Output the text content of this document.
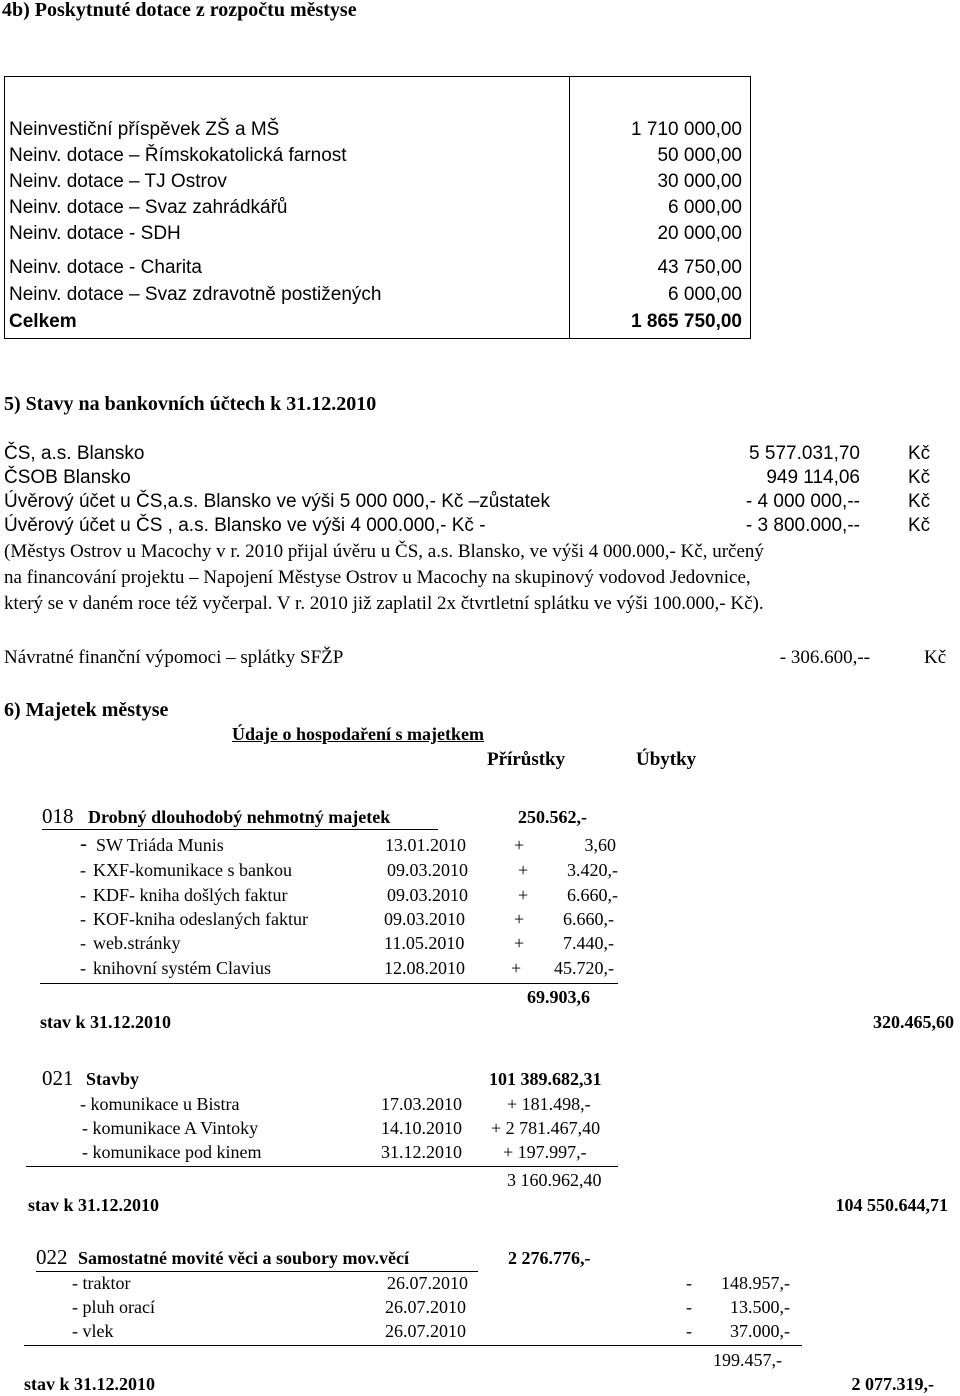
4b) Poskytnuté dotace z rozpočtu městyse
Neinvestiční příspěvek ZŠ a MŠ	1 710 000,00
Neinv. dotace – Římskokatolická farnost	50 000,00
Neinv. dotace – TJ Ostrov	30 000,00
Neinv. dotace – Svaz zahrádkářů	6 000,00
Neinv. dotace - SDH	20 000,00
Neinv. dotace - Charita	43 750,00
Neinv. dotace – Svaz zdravotně postižených	6 000,00
Celkem	1 865 750,00
5) Stavy na bankovních účtech k 31.12.2010
ČS, a.s. Blansko	5 577.031,70	Kč
ČSOB Blansko	949 114,06	Kč
Úvěrový účet u ČS,a.s. Blansko ve výši 5 000 000,- Kč –zůstatek	- 4 000 000,--	Kč
Úvěrový účet u ČS , a.s. Blansko ve výši 4 000.000,- Kč -	- 3 800.000,--	Kč
(Městys Ostrov u Macochy v r. 2010 přijal úvěru u ČS, a.s. Blansko, ve výši 4 000.000,- Kč, určený
na financování projektu – Napojení Městyse Ostrov u Macochy na skupinový vodovod Jedovnice,
který se v daném roce též vyčerpal. V r. 2010 již zaplatil 2x čtvrtletní splátku ve výši 100.000,- Kč).
Návratné finanční výpomoci – splátky SFŽP	- 306.600,--	Kč
6) Majetek městyse
Údaje o hospodaření s majetkem
Přírůstky	Úbytky
018 Drobný dlouhodobý nehmotný majetek	250.562,-
- SW Triáda Munis	13.01.2010	+	3,60
- KXF-komunikace s bankou	09.03.2010	+ 3.420,-
- KDF- kniha došlých faktur	09.03.2010	+ 6.660,-
- KOF-kniha odeslaných faktur	09.03.2010	+ 6.660,-
- web.stránky	11.05.2010	+ 7.440,-
- knihovní systém Clavius	12.08.2010	+ 45.720,-
69.903,6
stav k 31.12.2010	320.465,60
021 Stavby	101 389.682,31
- komunikace u Bistra	17.03.2010	+ 181.498,-
- komunikace A Vintoky	14.10.2010 + 2 781.467,40
- komunikace pod kinem	31.12.2010 + 197.997,-
3 160.962,40
stav k 31.12.2010	104 550.644,71
022 Samostatné movité věci a soubory mov.věcí	2 276.776,-
- traktor	26.07.2010	- 148.957,-
- pluh orací	26.07.2010	- 13.500,-
- vlek	26.07.2010	- 37.000,-
199.457,-
stav k 31.12.2010	2 077.319,-
